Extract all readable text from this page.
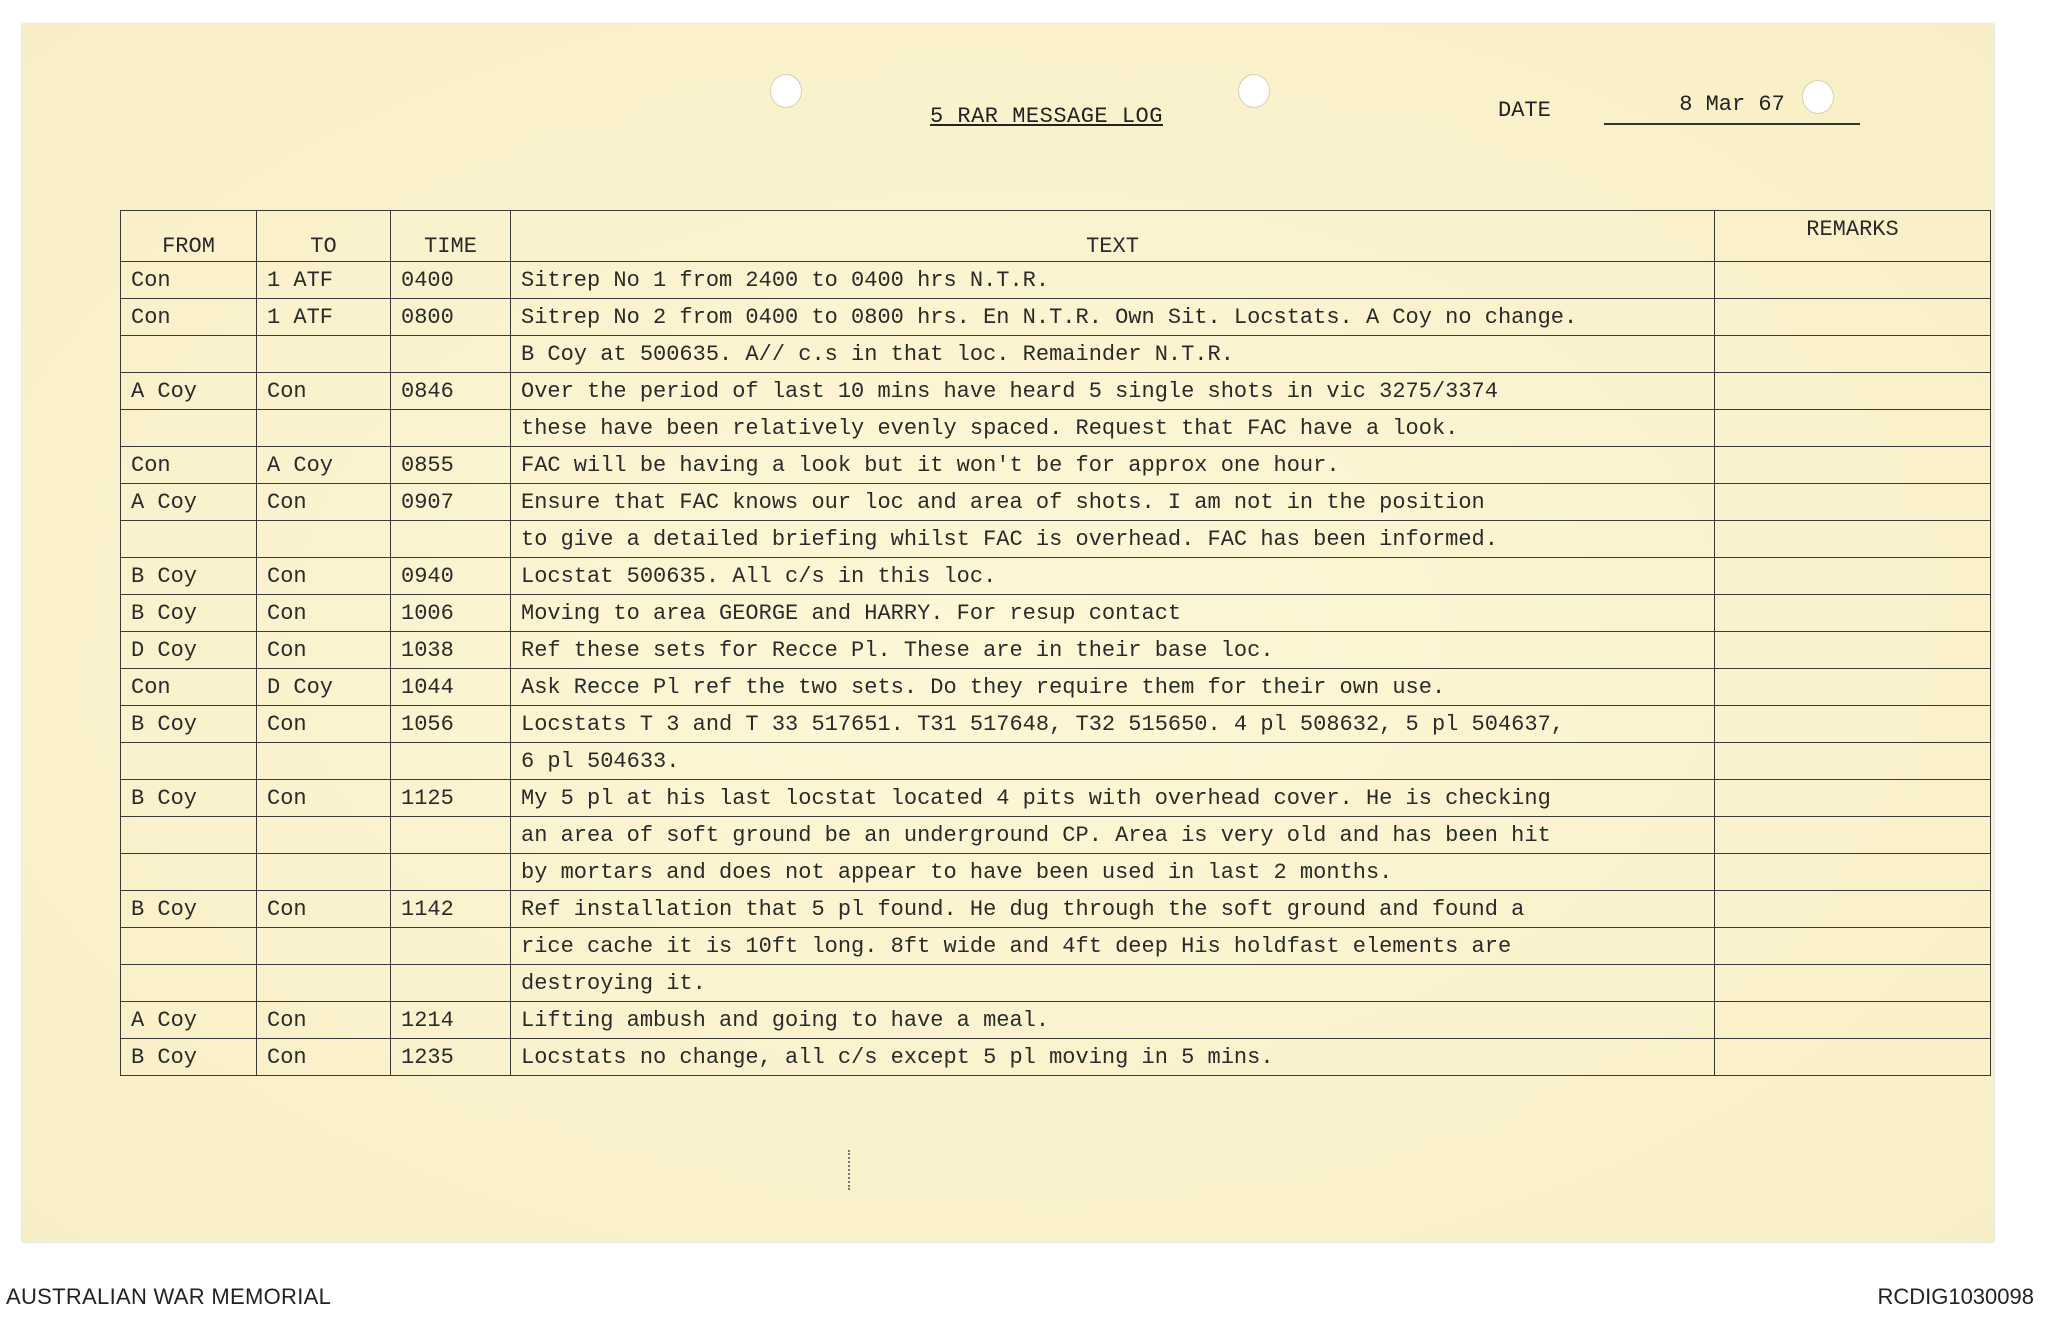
5 RAR MESSAGE LOG	DATE	8 Mar 67
FROM	TO	TIME	TEXT	REMARKS
Con	1 ATF	0400	Sitrep No 1 from 2400 to 0400 hrs N.T.R.	
Con	1 ATF	0800	Sitrep No 2 from 0400 to 0800 hrs. En N.T.R. Own Sit. Locstats. A Coy no change.	
			B Coy at 500635. A// c.s in that loc. Remainder N.T.R.	
A Coy	Con	0846	Over the period of last 10 mins have heard 5 single shots in vic 3275/3374	
			these have been relatively evenly spaced. Request that FAC have a look.	
Con	A Coy	0855	FAC will be having a look but it won't be for approx one hour.	
A Coy	Con	0907	Ensure that FAC knows our loc and area of shots. I am not in the position	
			to give a detailed briefing whilst FAC is overhead. FAC has been informed.	
B Coy	Con	0940	Locstat 500635. All c/s in this loc.	
B Coy	Con	1006	Moving to area GEORGE and HARRY. For resup contact	
D Coy	Con	1038	Ref these sets for Recce Pl. These are in their base loc.	
Con	D Coy	1044	Ask Recce Pl ref the two sets. Do they require them for their own use.	
B Coy	Con	1056	Locstats T 3 and T 33 517651. T31 517648, T32 515650. 4 pl 508632, 5 pl 504637,	
			6 pl 504633.	
B Coy	Con	1125	My 5 pl at his last locstat located 4 pits with overhead cover. He is checking	
			an area of soft ground be an underground CP. Area is very old and has been hit	
			by mortars and does not appear to have been used in last 2 months.	
B Coy	Con	1142	Ref installation that 5 pl found. He dug through the soft ground and found a	
			rice cache it is 10ft long. 8ft wide and 4ft deep His holdfast elements are	
			destroying it.	
A Coy	Con	1214	Lifting ambush and going to have a meal.	
B Coy	Con	1235	Locstats no change, all c/s except 5 pl moving in 5 mins.	
AUSTRALIAN WAR MEMORIAL	RCDIG1030098
